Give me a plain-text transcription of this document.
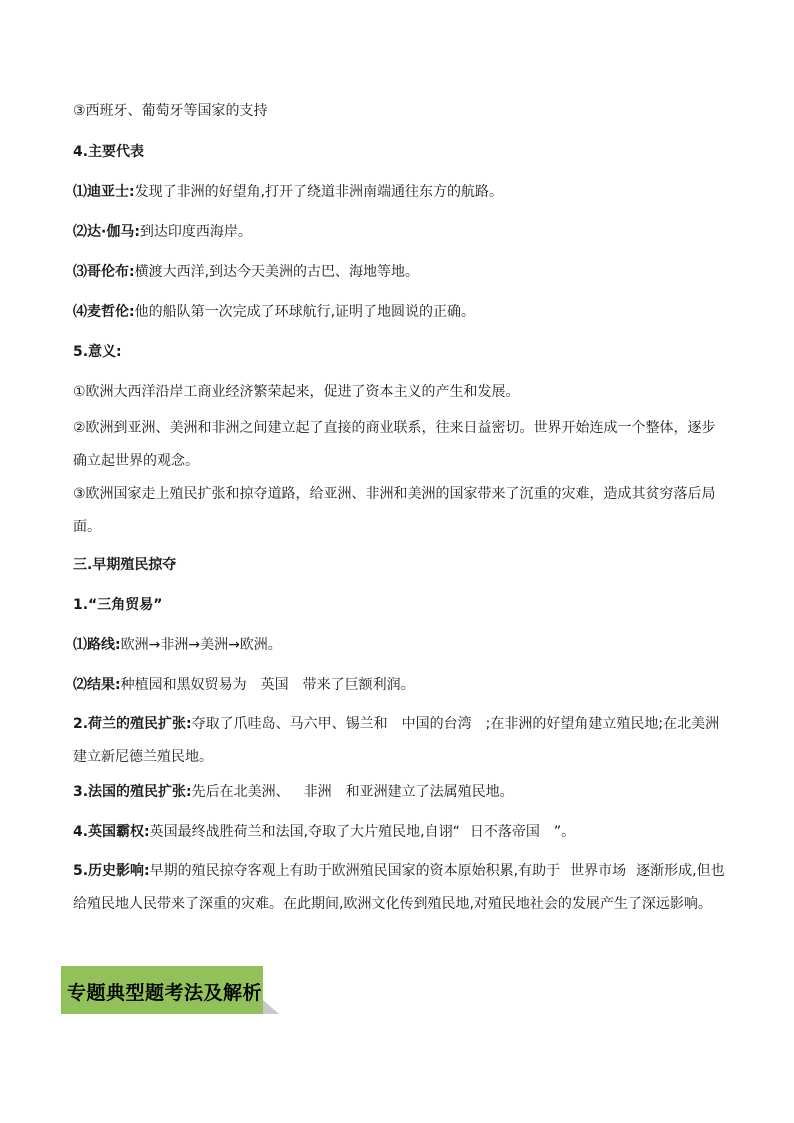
③西班牙、葡萄牙等国家的支持
4.主要代表
⑴迪亚士:发现了非洲的好望角,打开了绕道非洲南端通往东方的航路。
⑵达·伽马:到达印度西海岸。
⑶哥伦布:横渡大西洋,到达今天美洲的古巴、海地等地。
⑷麦哲伦:他的船队第一次完成了环球航行,证明了地圆说的正确。
5.意义:
①欧洲大西洋沿岸工商业经济繁荣起来，促进了资本主义的产生和发展。
②欧洲到亚洲、美洲和非洲之间建立起了直接的商业联系，往来日益密切。世界开始连成一个整体，逐步确立起世界的观念。
③欧洲国家走上殖民扩张和掠夺道路，给亚洲、非洲和美洲的国家带来了沉重的灾难，造成其贫穷落后局面。
三.早期殖民掠夺
1.“三角贸易”
⑴路线:欧洲→非洲→美洲→欧洲。
⑵结果:种植园和黑奴贸易为 英国 带来了巨额利润。
2.荷兰的殖民扩张:夺取了爪哇岛、马六甲、锡兰和 中国的台湾 ;在非洲的好望角建立殖民地;在北美洲建立新尼德兰殖民地。
3.法国的殖民扩张:先后在北美洲、 非洲 和亚洲建立了法属殖民地。
4.英国霸权:英国最终战胜荷兰和法国,夺取了大片殖民地,自诩“ 日不落帝国 ”。
5.历史影响:早期的殖民掠夺客观上有助于欧洲殖民国家的资本原始积累,有助于 世界市场 逐渐形成,但也给殖民地人民带来了深重的灾难。在此期间,欧洲文化传到殖民地,对殖民地社会的发展产生了深远影响。
专题典型题考法及解析
